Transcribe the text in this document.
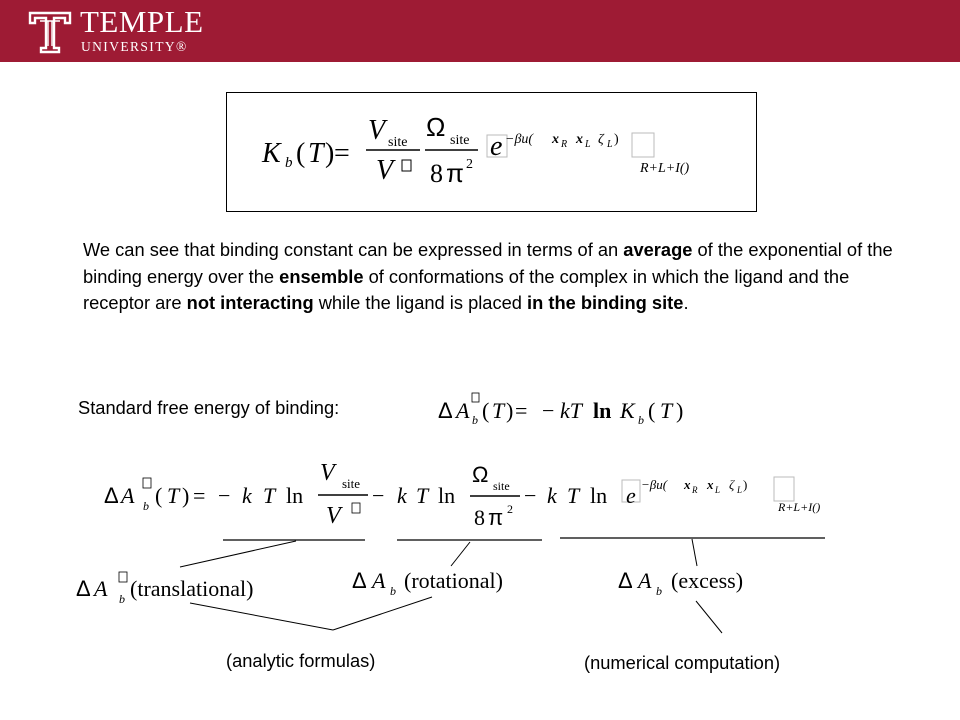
TEMPLE
UNIVERSITY®
We can see that binding constant can be expressed in terms of an average of the exponential of the binding energy over the ensemble of conformations of the complex in which the ligand and the receptor are not interacting while the ligand is placed in the binding site.
Standard free energy of binding:
K b ( T ) =
V site
V
Ω site
8 π 2
e −βu( x R x L ζ L )
R+L+I()
Δ A b ( T ) = − kT ln K b ( T )
Δ A b ( T ) = − k T ln
V site
V
− k T ln
Ω site
8 π 2
− k T ln e −βu( x R x L ζ L )
R+L+I()
Δ A b (translational)	Δ A b (rotational)	Δ A b (excess)
(analytic formulas)	(numerical computation)
